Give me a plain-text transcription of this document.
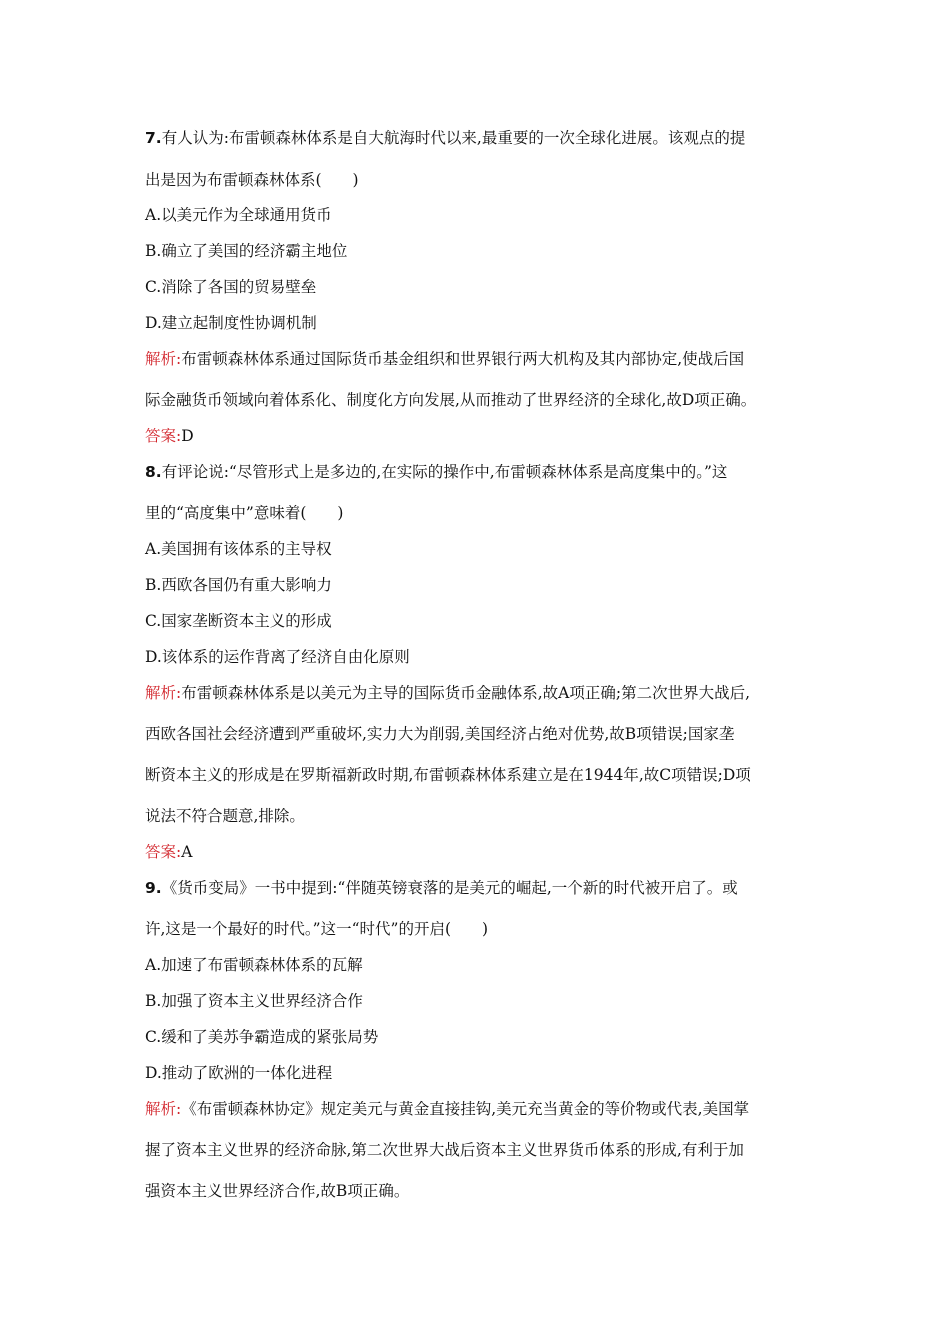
7.有人认为:布雷顿森林体系是自大航海时代以来,最重要的一次全球化进展。该观点的提
出是因为布雷顿森林体系(　　)
A.以美元作为全球通用货币
B.确立了美国的经济霸主地位
C.消除了各国的贸易壁垒
D.建立起制度性协调机制
解析:布雷顿森林体系通过国际货币基金组织和世界银行两大机构及其内部协定,使战后国
际金融货币领域向着体系化、制度化方向发展,从而推动了世界经济的全球化,故D项正确。
答案:D
8.有评论说:“尽管形式上是多边的,在实际的操作中,布雷顿森林体系是高度集中的。”这
里的“高度集中”意味着(　　)
A.美国拥有该体系的主导权
B.西欧各国仍有重大影响力
C.国家垄断资本主义的形成
D.该体系的运作背离了经济自由化原则
解析:布雷顿森林体系是以美元为主导的国际货币金融体系,故A项正确;第二次世界大战后,
西欧各国社会经济遭到严重破坏,实力大为削弱,美国经济占绝对优势,故B项错误;国家垄
断资本主义的形成是在罗斯福新政时期,布雷顿森林体系建立是在1944年,故C项错误;D项
说法不符合题意,排除。
答案:A
9.《货币变局》一书中提到:“伴随英镑衰落的是美元的崛起,一个新的时代被开启了。或
许,这是一个最好的时代。”这一“时代”的开启(　　)
A.加速了布雷顿森林体系的瓦解
B.加强了资本主义世界经济合作
C.缓和了美苏争霸造成的紧张局势
D.推动了欧洲的一体化进程
解析:《布雷顿森林协定》规定美元与黄金直接挂钩,美元充当黄金的等价物或代表,美国掌
握了资本主义世界的经济命脉,第二次世界大战后资本主义世界货币体系的形成,有利于加
强资本主义世界经济合作,故B项正确。
